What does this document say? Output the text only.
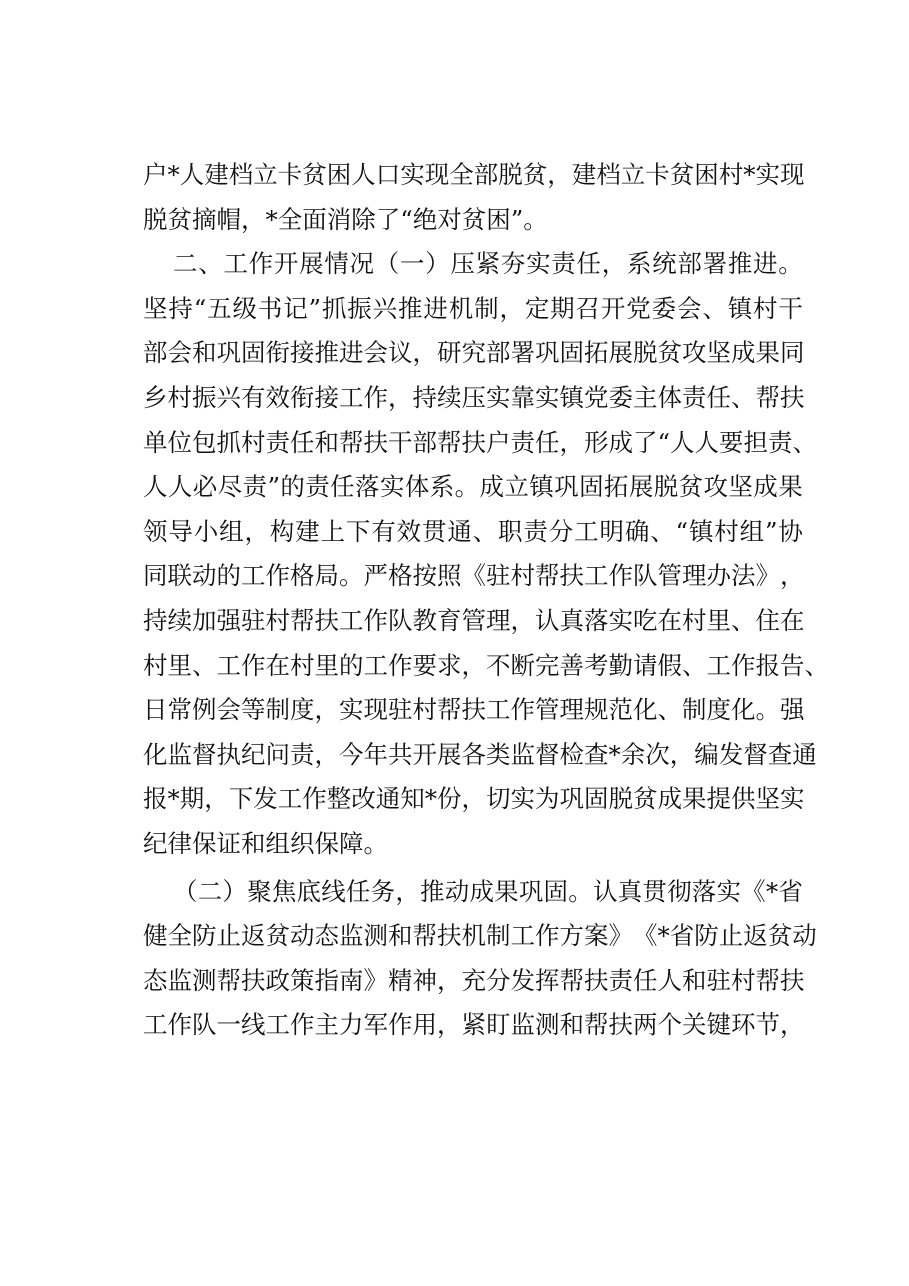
户 * 人 建 档 立 卡 贫 困 人 口 实 现 全 部 脱 贫 ， 建 档 立 卡 贫 困 村 * 实 现
脱贫摘帽，*全面消除了“绝对贫困”。
二 、 工 作 开 展 情 况 （ 一 ） 压 紧 夯 实 责 任 ， 系 统 部 署 推 进 。
坚 持 “ 五 级 书 记 ” 抓 振 兴 推 进 机 制 ， 定 期 召 开 党 委 会 、 镇 村 干
部 会 和 巩 固 衔 接 推 进 会 议 ， 研 究 部 署 巩 固 拓 展 脱 贫 攻 坚 成 果 同
乡 村 振 兴 有 效 衔 接 工 作 ， 持 续 压 实 靠 实 镇 党 委 主 体 责 任 、 帮 扶
单 位 包 抓 村 责 任 和 帮 扶 干 部 帮 扶 户 责 任 ， 形 成 了 “ 人 人 要 担 责 、
人 人 必 尽 责 ” 的 责 任 落 实 体 系 。 成 立 镇 巩 固 拓 展 脱 贫 攻 坚 成 果
领 导 小 组 ， 构 建 上 下 有 效 贯 通 、 职 责 分 工 明 确 、 “ 镇 村 组 ” 协
同 联 动 的 工 作 格 局 。 严 格 按 照 《 驻 村 帮 扶 工 作 队 管 理 办 法 》 ，
持 续 加 强 驻 村 帮 扶 工 作 队 教 育 管 理 ， 认 真 落 实 吃 在 村 里 、 住 在
村 里 、 工 作 在 村 里 的 工 作 要 求 ， 不 断 完 善 考 勤 请 假 、 工 作 报 告 、
日 常 例 会 等 制 度 ， 实 现 驻 村 帮 扶 工 作 管 理 规 范 化 、 制 度 化 。 强
化 监 督 执 纪 问 责 ， 今 年 共 开 展 各 类 监 督 检 查 * 余 次 ， 编 发 督 查 通
报 * 期 ， 下 发 工 作 整 改 通 知 * 份 ， 切 实 为 巩 固 脱 贫 成 果 提 供 坚 实
纪律保证和组织保障。
（ 二 ） 聚 焦 底 线 任 务 ， 推 动 成 果 巩 固 。 认 真 贯 彻 落 实 《 * 省
健 全 防 止 返 贫 动 态 监 测 和 帮 扶 机 制 工 作 方 案 》 《 * 省 防 止 返 贫 动
态 监 测 帮 扶 政 策 指 南 》 精 神 ， 充 分 发 挥 帮 扶 责 任 人 和 驻 村 帮 扶
工 作 队 一 线 工 作 主 力 军 作 用 ， 紧 盯 监 测 和 帮 扶 两 个 关 键 环 节 ，
